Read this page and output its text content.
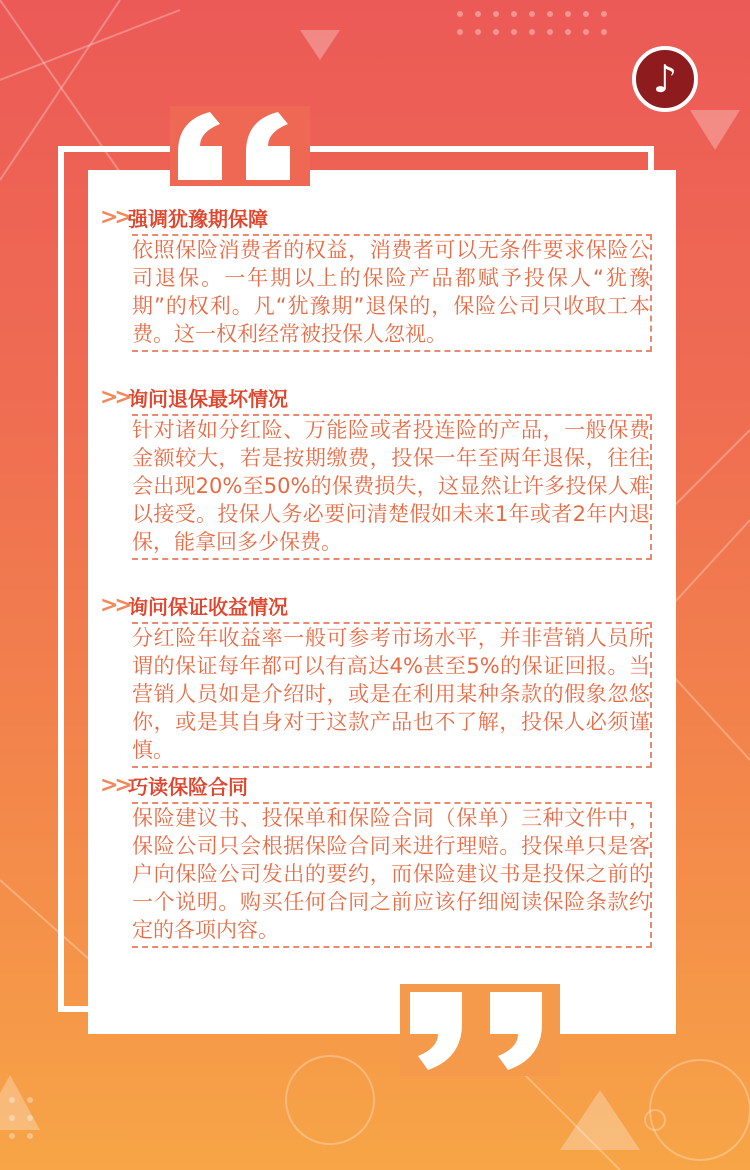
♪
>> 强调犹豫期保障
依照保险消费者的权益，消费者可以无条件要求保险公司退保。一年期以上的保险产品都赋予投保人“犹豫期”的权利。凡“犹豫期”退保的，保险公司只收取工本费。这一权利经常被投保人忽视。
>> 询问退保最坏情况
针对诸如分红险、万能险或者投连险的产品，一般保费金额较大，若是按期缴费，投保一年至两年退保，往往会出现20%至50%的保费损失，这显然让许多投保人难以接受。投保人务必要问清楚假如未来1年或者2年内退保，能拿回多少保费。
>> 询问保证收益情况
分红险年收益率一般可参考市场水平，并非营销人员所谓的保证每年都可以有高达4%甚至5%的保证回报。当营销人员如是介绍时，或是在利用某种条款的假象忽悠你，或是其自身对于这款产品也不了解，投保人必须谨慎。
>> 巧读保险合同
保险建议书、投保单和保险合同（保单）三种文件中，保险公司只会根据保险合同来进行理赔。投保单只是客户向保险公司发出的要约，而保险建议书是投保之前的一个说明。购买任何合同之前应该仔细阅读保险条款约定的各项内容。
